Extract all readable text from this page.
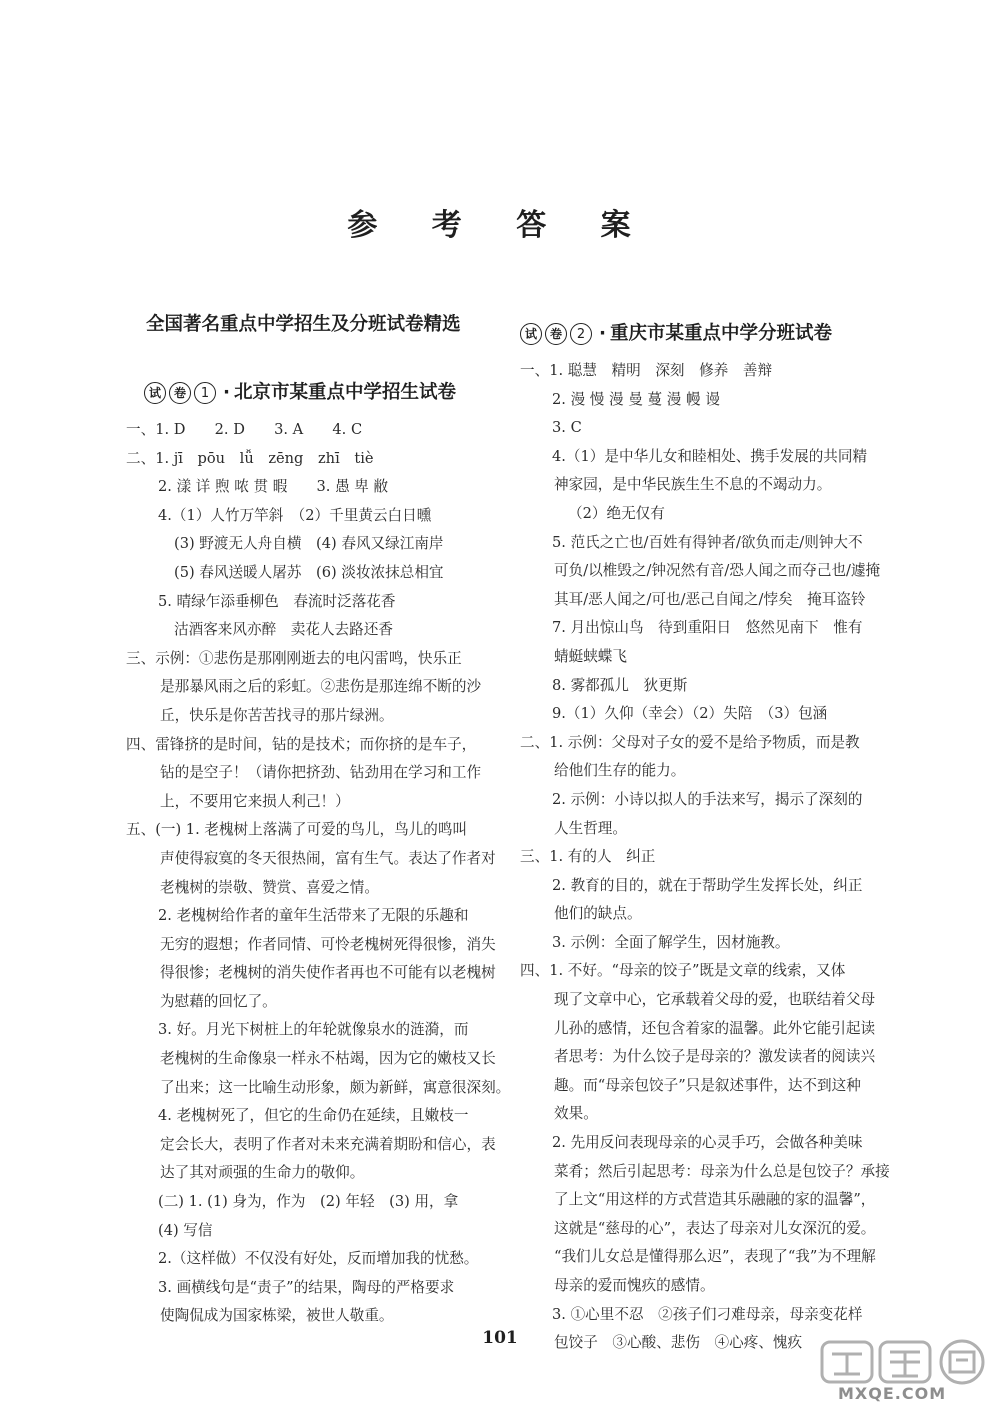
参 考 答 案
全国著名重点中学招生及分班试卷精选
试	卷	1 · 北京市某重点中学招生试卷
一、1. D　　2. D　　3. A　　4. C
二、1. jī　pōu　lǚ　zēng　zhī　tiè
2. 漾 详 煦 哝 贯 暇　　3. 愚 卑 敝
4.（1）人竹万竿斜　（2）千里黄云白日曛
(3) 野渡无人舟自横　(4) 春风又绿江南岸
(5) 春风送暖人屠苏　(6) 淡妆浓抹总相宜
5. 晴绿乍添垂柳色　春流时泛落花香
沽酒客来风亦醉　卖花人去路还香
三、示例：①悲伤是那刚刚逝去的电闪雷鸣，快乐正
是那暴风雨之后的彩虹。②悲伤是那连绵不断的沙
丘，快乐是你苦苦找寻的那片绿洲。
四、雷锋挤的是时间，钻的是技术；而你挤的是车子，
钻的是空子！（请你把挤劲、钻劲用在学习和工作
上，不要用它来损人利己！）
五、(一) 1. 老槐树上落满了可爱的鸟儿，鸟儿的鸣叫
声使得寂寞的冬天很热闹，富有生气。表达了作者对
老槐树的崇敬、赞赏、喜爱之情。
2. 老槐树给作者的童年生活带来了无限的乐趣和
无穷的遐想；作者同情、可怜老槐树死得很惨，消失
得很惨；老槐树的消失使作者再也不可能有以老槐树
为慰藉的回忆了。
3. 好。月光下树桩上的年轮就像泉水的涟漪，而
老槐树的生命像泉一样永不枯竭，因为它的嫩枝又长
了出来；这一比喻生动形象，颇为新鲜，寓意很深刻。
4. 老槐树死了，但它的生命仍在延续，且嫩枝一
定会长大，表明了作者对未来充满着期盼和信心，表
达了其对顽强的生命力的敬仰。
(二) 1. (1) 身为，作为　(2) 年轻　(3) 用，拿
(4) 写信
2.（这样做）不仅没有好处，反而增加我的忧愁。
3. 画横线句是“责子”的结果，陶母的严格要求
使陶侃成为国家栋梁，被世人敬重。
试	卷	2 · 重庆市某重点中学分班试卷
一、1. 聪慧　精明　深刻　修养　善辩
2. 漫 慢 漫 曼 蔓 漫 幔 谩
3. C
4.（1）是中华儿女和睦相处、携手发展的共同精
神家园，是中华民族生生不息的不竭动力。
（2）绝无仅有
5. 范氏之亡也/百姓有得钟者/欲负而走/则钟大不
可负/以椎毁之/钟况然有音/恐人闻之而夺己也/遽掩
其耳/恶人闻之/可也/恶己自闻之/悖矣　掩耳盗铃
7. 月出惊山鸟　待到重阳日　悠然见南下　惟有
蜻蜓蛱蝶飞
8. 雾都孤儿　狄更斯
9.（1）久仰（幸会）（2）失陪　（3）包涵
二、1. 示例：父母对子女的爱不是给予物质，而是教
给他们生存的能力。
2. 示例：小诗以拟人的手法来写，揭示了深刻的
人生哲理。
三、1. 有的人　纠正
2. 教育的目的，就在于帮助学生发挥长处，纠正
他们的缺点。
3. 示例：全面了解学生，因材施教。
四、1. 不好。“母亲的饺子”既是文章的线索，又体
现了文章中心，它承载着父母的爱，也联结着父母
儿孙的感情，还包含着家的温馨。此外它能引起读
者思考：为什么饺子是母亲的？激发读者的阅读兴
趣。而“母亲包饺子”只是叙述事件，达不到这种
效果。
2. 先用反问表现母亲的心灵手巧，会做各种美味
菜肴；然后引起思考：母亲为什么总是包饺子？承接
了上文“用这样的方式营造其乐融融的家的温馨”，
这就是“慈母的心”，表达了母亲对儿女深沉的爱。
“我们儿女总是懂得那么迟”，表现了“我”为不理解
母亲的爱而愧疚的感情。
3. ①心里不忍　②孩子们刁难母亲，母亲变花样
包饺子　③心酸、悲伤　④心疼、愧疚
101
MXQE.COM
